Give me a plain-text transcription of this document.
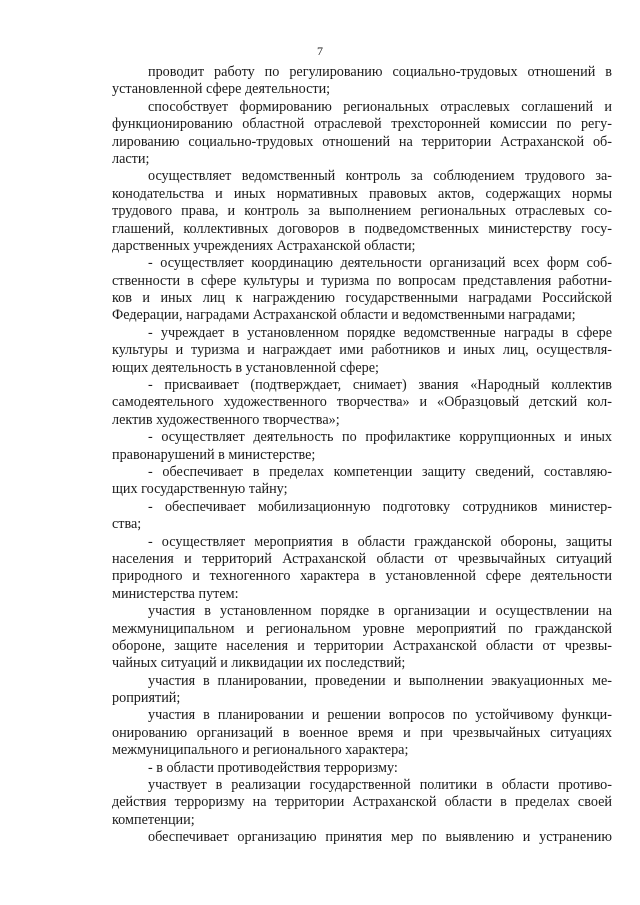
7
проводит работу по регулированию социально-трудовых отношений в
установленной сфере деятельности;
способствует формированию региональных отраслевых соглашений и
функционированию областной отраслевой трехсторонней комиссии по регу-
лированию социально-трудовых отношений на территории Астраханской об-
ласти;
осуществляет ведомственный контроль за соблюдением трудового за-
конодательства и иных нормативных правовых актов, содержащих нормы
трудового права, и контроль за выполнением региональных отраслевых со-
глашений, коллективных договоров в подведомственных министерству госу-
дарственных учреждениях Астраханской области;
- осуществляет координацию деятельности организаций всех форм соб-
ственности в сфере культуры и туризма по вопросам представления работни-
ков и иных лиц к награждению государственными наградами Российской
Федерации, наградами Астраханской области и ведомственными наградами;
- учреждает в установленном порядке ведомственные награды в сфере
культуры и туризма и награждает ими работников и иных лиц, осуществля-
ющих деятельность в установленной сфере;
- присваивает (подтверждает, снимает) звания «Народный коллектив
самодеятельного художественного творчества» и «Образцовый детский кол-
лектив художественного творчества»;
- осуществляет деятельность по профилактике коррупционных и иных
правонарушений в министерстве;
- обеспечивает в пределах компетенции защиту сведений, составляю-
щих государственную тайну;
- обеспечивает мобилизационную подготовку сотрудников министер-
ства;
- осуществляет мероприятия в области гражданской обороны, защиты
населения и территорий Астраханской области от чрезвычайных ситуаций
природного и техногенного характера в установленной сфере деятельности
министерства путем:
участия в установленном порядке в организации и осуществлении на
межмуниципальном и региональном уровне мероприятий по гражданской
обороне, защите населения и территории Астраханской области от чрезвы-
чайных ситуаций и ликвидации их последствий;
участия в планировании, проведении и выполнении эвакуационных ме-
роприятий;
участия в планировании и решении вопросов по устойчивому функци-
онированию организаций в военное время и при чрезвычайных ситуациях
межмуниципального и регионального характера;
- в области противодействия терроризму:
участвует в реализации государственной политики в области противо-
действия терроризму на территории Астраханской области в пределах своей
компетенции;
обеспечивает организацию принятия мер по выявлению и устранению
